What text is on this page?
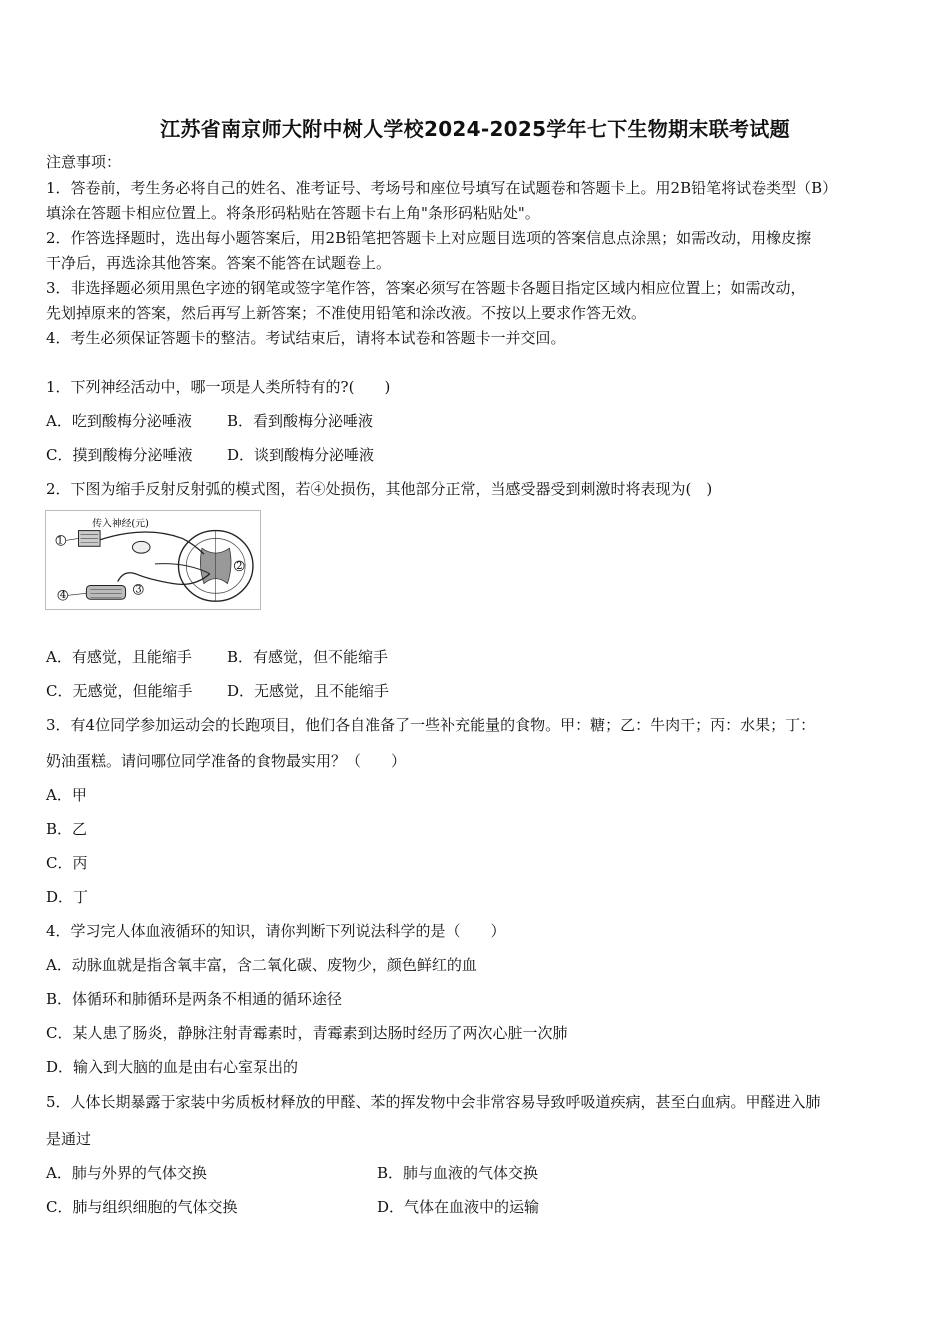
江苏省南京师大附中树人学校2024-2025学年七下生物期末联考试题
注意事项：
1．答卷前，考生务必将自己的姓名、准考证号、考场号和座位号填写在试题卷和答题卡上。用2B铅笔将试卷类型（B）
填涂在答题卡相应位置上。将条形码粘贴在答题卡右上角"条形码粘贴处"。
2．作答选择题时，选出每小题答案后，用2B铅笔把答题卡上对应题目选项的答案信息点涂黑；如需改动，用橡皮擦
干净后，再选涂其他答案。答案不能答在试题卷上。
3．非选择题必须用黑色字迹的钢笔或签字笔作答，答案必须写在答题卡各题目指定区域内相应位置上；如需改动，
先划掉原来的答案，然后再写上新答案；不准使用铅笔和涂改液。不按以上要求作答无效。
4．考生必须保证答题卡的整洁。考试结束后，请将本试卷和答题卡一并交回。
1．下列神经活动中，哪一项是人类所特有的?(　　)
A．吃到酸梅分泌唾液 B．看到酸梅分泌唾液
C．摸到酸梅分泌唾液 D．谈到酸梅分泌唾液
2．下图为缩手反射反射弧的模式图，若④处损伤，其他部分正常，当感受器受到刺激时将表现为(　)
传入神经(元)
1
2
3
4
A．有感觉，且能缩手 B．有感觉，但不能缩手
C．无感觉，但能缩手 D．无感觉，且不能缩手
3．有4位同学参加运动会的长跑项目，他们各自准备了一些补充能量的食物。甲：糖；乙：牛肉干；丙：水果；丁：
奶油蛋糕。请问哪位同学准备的食物最实用？（　　）
A．甲
B．乙
C．丙
D．丁
4．学习完人体血液循环的知识，请你判断下列说法科学的是（　　）
A．动脉血就是指含氧丰富，含二氧化碳、废物少，颜色鲜红的血
B．体循环和肺循环是两条不相通的循环途径
C．某人患了肠炎，静脉注射青霉素时，青霉素到达肠时经历了两次心脏一次肺
D．输入到大脑的血是由右心室泵出的
5．人体长期暴露于家装中劣质板材释放的甲醛、苯的挥发物中会非常容易导致呼吸道疾病，甚至白血病。甲醛进入肺
是通过
A．肺与外界的气体交换	B．肺与血液的气体交换
C．肺与组织细胞的气体交换	D．气体在血液中的运输
